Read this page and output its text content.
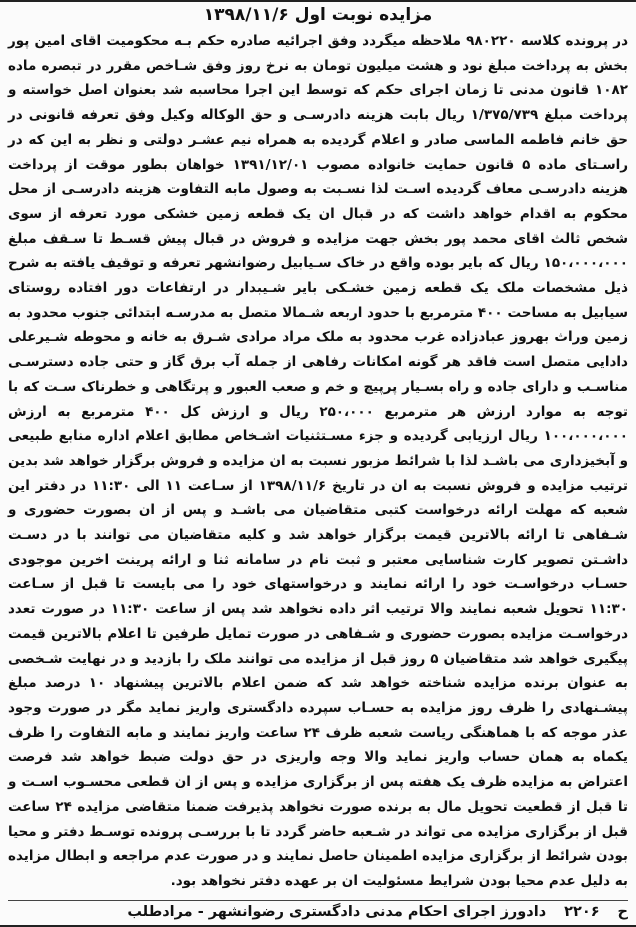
مزایده نوبت اول ۱۳۹۸/۱۱/۶

در پرونده کلاسه ۹۸۰۲۲۰ ملاحظه میگردد وفق اجرائیه صادره حکم بـه محکومیت اقای امین پور بخش به پرداخت مبلغ نود و هشت میلیون تومان به نرخ روز وفق شـاخص مقرر در تبصره ماده ۱۰۸۲ قانون مدنی تا زمان اجرای حکم که توسط این اجرا محاسبه شد بعنوان اصل خواسته و پرداخت مبلغ ۱/۳۷۵/۷۳۹ ریال بابت هزینه دادرسـی و حق الوکاله وکیل وفق تعرفه قانونی در حق خانم فاطمه الماسی صادر و اعلام گردیده به همراه نیم عشـر دولتی و نظر به این که در راسـتای ماده ۵ قانون حمایت خانواده مصوب ۱۳۹۱/۱۲/۰۱ خواهان بطور موقت از پرداخت هزینه دادرسـی معاف گردیده اسـت لذا نسـبت به وصول مابه التفاوت هزینه دادرسـی از محل محکوم به اقدام خواهد داشت که در قبال ان یک قطعه زمین خشکی مورد تعرفه از سوی شخص ثالث اقای محمد پور بخش جهت مزایده و فروش در قبال پیش قسـط تا سـقف مبلغ ۱۵۰،۰۰۰،۰۰۰ ریال که بایر بوده واقع در خاک سـیابیل رضوانشهر تعرفه و توقیف یافته به شرح ذیل مشخصات ملک یک قطعه زمین خشـکی بایر شـیبدار در ارتفاعات دور افتاده روستای سیابیل به مساحت ۴۰۰ مترمربع با حدود اربعه شـمالا متصل به مدرسـه ابتدائی جنوب محدود به زمین وراث بهروز عبادزاده غرب محدود به ملک مراد مرادی شـرق به خانه و محوطه شـیرعلی دادایی متصل است فاقد هر گونه امکانات رفاهی از جمله آب برق گاز و حتی جاده دسترسـی مناسـب و دارای جاده و راه بسـیار پرپیچ و خم و صعب العبور و پرتگاهی و خطرناک سـت که با توجه به موارد ارزش هر مترمربع ۲۵۰،۰۰۰ ریال و ارزش کل ۴۰۰ مترمربع به ارزش ۱۰۰،۰۰۰،۰۰۰ ریال ارزیابی گردیده و جزء مسـتثنیات اشـخاص مطابق اعلام اداره منابع طبیعی و آبخیزداری می باشـد لذا با شرائط مزبور نسبت به ان مزایده و فروش برگزار خواهد شد بدین ترتیب مزایده و فروش نسبت به ان در تاریخ ۱۳۹۸/۱۱/۶ از سـاعت ۱۱ الی ۱۱:۳۰ در دفتر این شعبه که مهلت ارائه درخواست کتبی متقاضیان می باشـد و پس از ان بصورت حضوری و شـفاهی تا ارائه بالاترین قیمت برگزار خواهد شد و کلیه متقاضیان می توانند با در دسـت داشـتن تصویر کارت شناسایی معتبر و ثبت نام در سامانه ثنا و ارائه پرینت اخرین موجودی حسـاب درخواسـت خود را ارائه نمایند و درخواستهای خود را می بایست تا قبل از سـاعت ۱۱:۳۰ تحویل شعبه نمایند والا ترتیب اثر داده نخواهد شد پس از ساعت ۱۱:۳۰ در صورت تعدد درخواسـت مزایده بصورت حضوری و شـفاهی در صورت تمایل طرفین تا اعلام بالاترین قیمت پیگیری خواهد شد متقاضیان ۵ روز قبل از مزایده می توانند ملک را بازدید و در نهایت شـخصی به عنوان برنده مزایده شناخته خواهد شد که ضمن اعلام بالاترین پیشنهاد ۱۰ درصد مبلغ پیشـنهادی را ظرف روز مزایده به حسـاب سپرده دادگستری واریز نماید مگر در صورت وجود عذر موجه که با هماهنگی ریاست شعبه ظرف ۲۴ ساعت واریز نمایند و مابه التفاوت را ظرف یکماه به همان حساب واریز نماید والا وجه واریزی در حق دولت ضبط خواهد شد فرصت اعتراض به مزایده ظرف یک هفته پس از برگزاری مزایده و پس از ان قطعی محسـوب اسـت و تا قبل از قطعیت تحویل مال به برنده صورت نخواهد پذیرفت ضمنا متقاضی مزایده ۲۴ ساعت قبل از برگزاری مزایده می تواند در شـعبه حاضر گردد تا با بررسـی پرونده توسـط دفتر و محیا بودن شرائط از برگزاری مزایده اطمینان حاصل نمایند و در صورت عدم مراجعه و ابطال مزایده به دلیل عدم محیا بودن شرایط مسئولیت ان بر عهده دفتر نخواهد بود.

ح
۲۲۰۶
دادورز اجرای احکام مدنی دادگستری رضوانشهر - مرادطلب
